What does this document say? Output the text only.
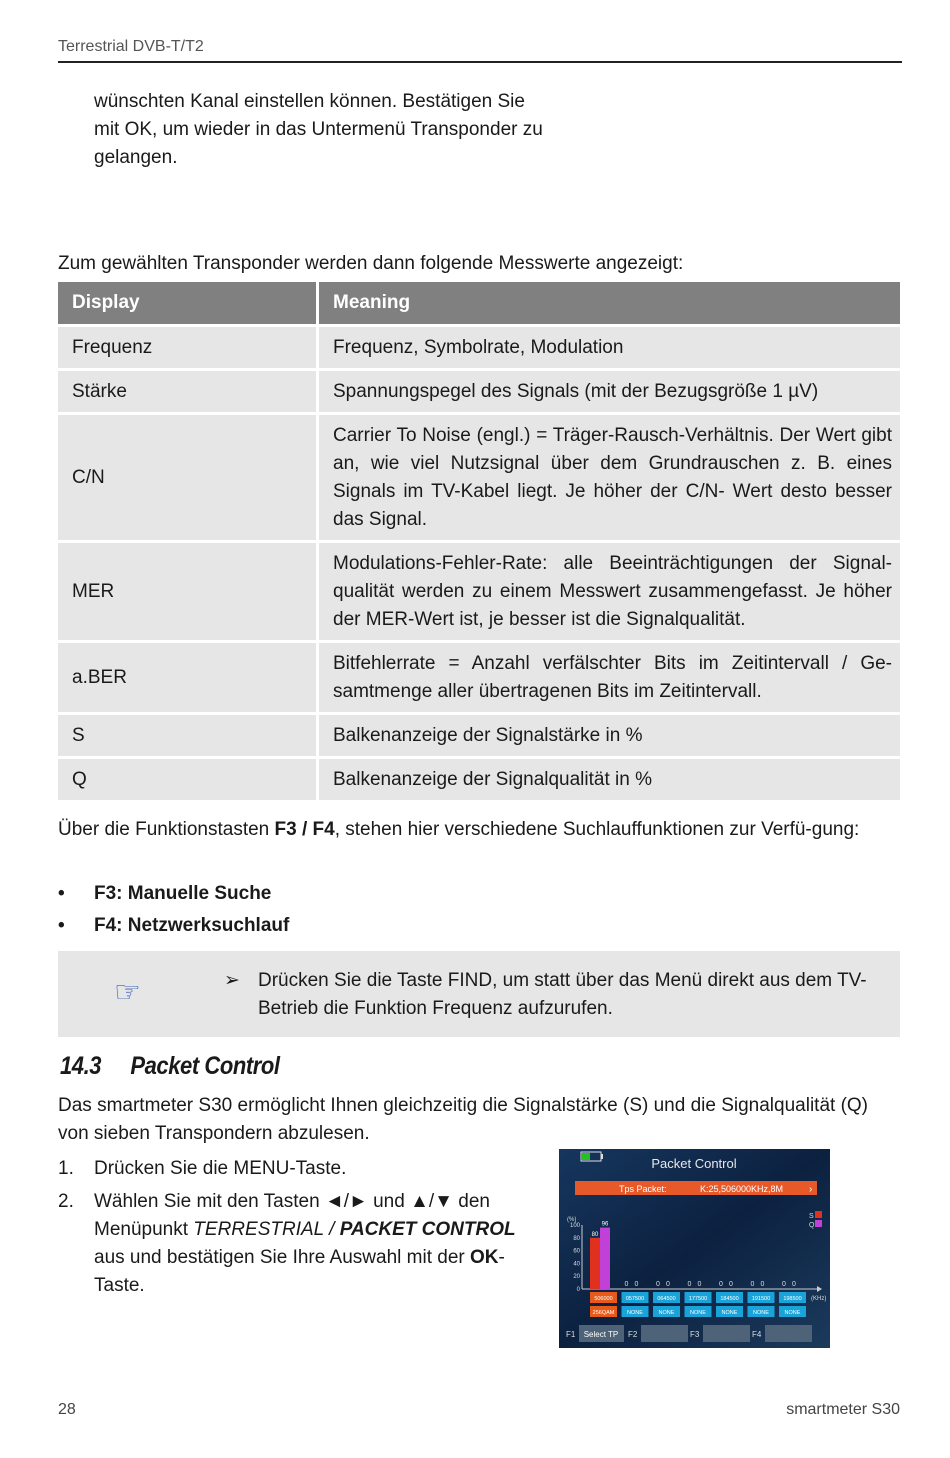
Terrestrial DVB-T/T2
wünschten Kanal einstellen können. Bestätigen Sie
mit OK, um wieder in das Untermenü Transponder zu
gelangen.
Zum gewählten Transponder werden dann folgende Messwerte angezeigt:
Display	Meaning
Frequenz	Frequenz, Symbolrate, Modulation
Stärke	Spannungspegel des Signals (mit der Bezugsgröße 1 µV)
C/N	Carrier To Noise (engl.) = Träger-Rausch-Verhältnis. Der Wert gibt an, wie viel Nutzsignal über dem Grundrauschen z. B. eines Signals im TV-Kabel liegt. Je höher der C/N- Wert desto besser das Signal.
MER	Modulations-Fehler-Rate: alle Beeinträchtigungen der Signal-qualität werden zu einem Messwert zusammengefasst. Je höher der MER-Wert ist, je besser ist die Signalqualität.
a.BER	Bitfehlerrate = Anzahl verfälschter Bits im Zeitintervall / Ge-samtmenge aller übertragenen Bits im Zeitintervall.
S	Balkenanzeige der Signalstärke in %
Q	Balkenanzeige der Signalqualität in %
Über die Funktionstasten F3 / F4, stehen hier verschiedene Suchlauffunktionen zur Verfü-gung:
• F3: Manuelle Suche
• F4: Netzwerksuchlauf
☞	➢ Drücken Sie die Taste FIND, um statt über das Menü direkt aus dem TV-Betrieb die Funktion Frequenz aufzurufen.
14.3 Packet Control
Das smartmeter S30 ermöglicht Ihnen gleichzeitig die Signalstärke (S) und die Signalqualität (Q) von sieben Transpondern abzulesen.
1. Drücken Sie die MENU-Taste.
2. Wählen Sie mit den Tasten ◄/► und ▲/▼ den Menüpunkt TERRESTRIAL / PACKET CONTROL aus und bestätigen Sie Ihre Auswahl mit der OK-Taste.
Packet Control
Tps Packet:	K:25,506000KHz,8M	›
(%)
100
80
60
40
20
0
S
Q
80
96
0 0	0 0	0 0	0 0	0 0	0 0
506000
256QAM
057500
NONE
064500
NONE
177500
NONE
184500
NONE
191500
NONE
198500
NONE
(KHz)
F1 Select TP F2	F3	F4
28	smartmeter S30
